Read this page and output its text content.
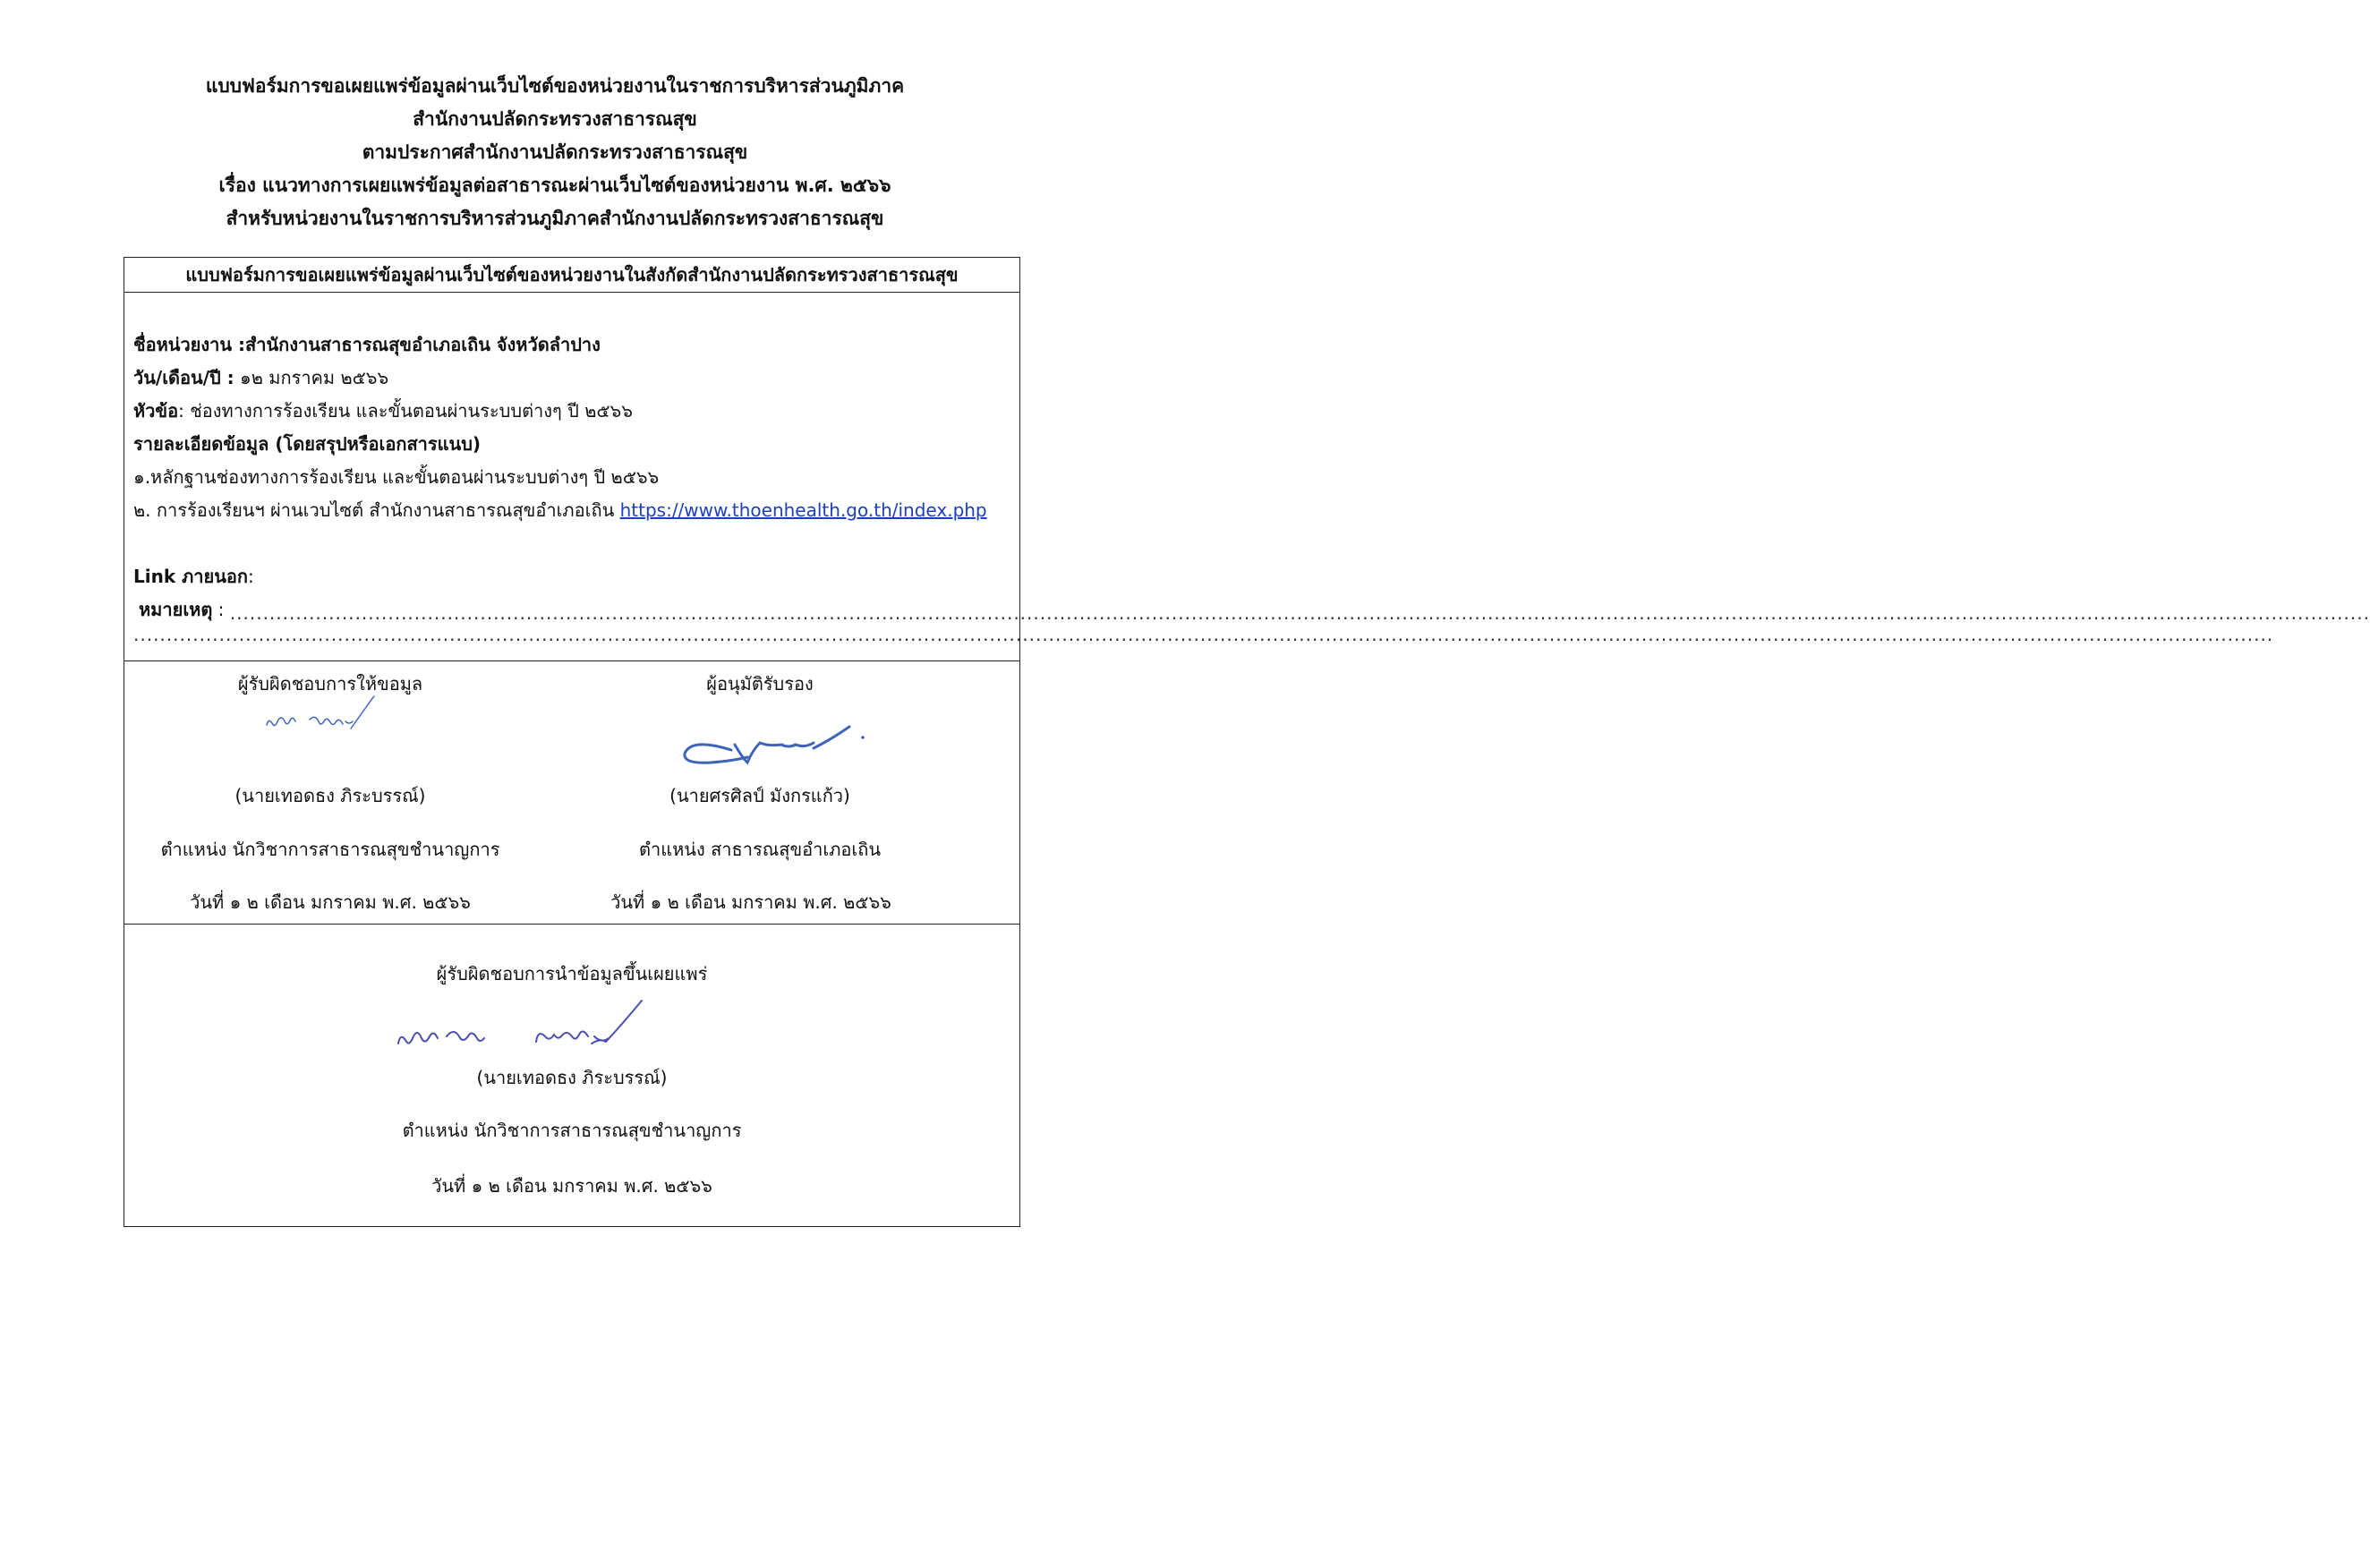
แบบฟอร์มการขอเผยแพร่ข้อมูลผ่านเว็บไซต์ของหน่วยงานในราชการบริหารส่วนภูมิภาค
สำนักงานปลัดกระทรวงสาธารณสุข
ตามประกาศสำนักงานปลัดกระทรวงสาธารณสุข
เรื่อง แนวทางการเผยแพร่ข้อมูลต่อสาธารณะผ่านเว็บไซต์ของหน่วยงาน พ.ศ. ๒๕๖๖
สำหรับหน่วยงานในราชการบริหารส่วนภูมิภาคสำนักงานปลัดกระทรวงสาธารณสุข
แบบฟอร์มการขอเผยแพร่ข้อมูลผ่านเว็บไซต์ของหน่วยงานในสังกัดสำนักงานปลัดกระทรวงสาธารณสุข
ชื่อหน่วยงาน :สำนักงานสาธารณสุขอำเภอเถิน จังหวัดลำปาง
วัน/เดือน/ปี : ๑๒ มกราคม ๒๕๖๖
หัวข้อ: ช่องทางการร้องเรียน และขั้นตอนผ่านระบบต่างๆ ปี ๒๕๖๖
รายละเอียดข้อมูล (โดยสรุปหรือเอกสารแนบ)
๑.หลักฐานช่องทางการร้องเรียน และขั้นตอนผ่านระบบต่างๆ ปี ๒๕๖๖
๒. การร้องเรียนฯ ผ่านเวบไซต์ สำนักงานสาธารณสุขอำเภอเถิน https://www.thoenhealth.go.th/index.php
Link ภายนอก:
หมายเหตุ : .....................................................................................................................................................................................................................................................................................................................................
.....................................................................................................................................................................................................................................................................................................................................
ผู้รับผิดชอบการให้ขอมูล	ผู้อนุมัติรับรอง
(นายเทอดธง ภิระบรรณ์)	(นายศรศิลป์ มังกรแก้ว)
ตำแหน่ง นักวิชาการสาธารณสุขชำนาญการ	ตำแหน่ง สาธารณสุขอำเภอเถิน
วันที่ ๑ ๒ เดือน มกราคม พ.ศ. ๒๕๖๖	วันที่ ๑ ๒ เดือน มกราคม พ.ศ. ๒๕๖๖
ผู้รับผิดชอบการนำข้อมูลขึ้นเผยแพร่
(นายเทอดธง ภิระบรรณ์)
ตำแหน่ง นักวิชาการสาธารณสุขชำนาญการ
วันที่ ๑ ๒ เดือน มกราคม พ.ศ. ๒๕๖๖
